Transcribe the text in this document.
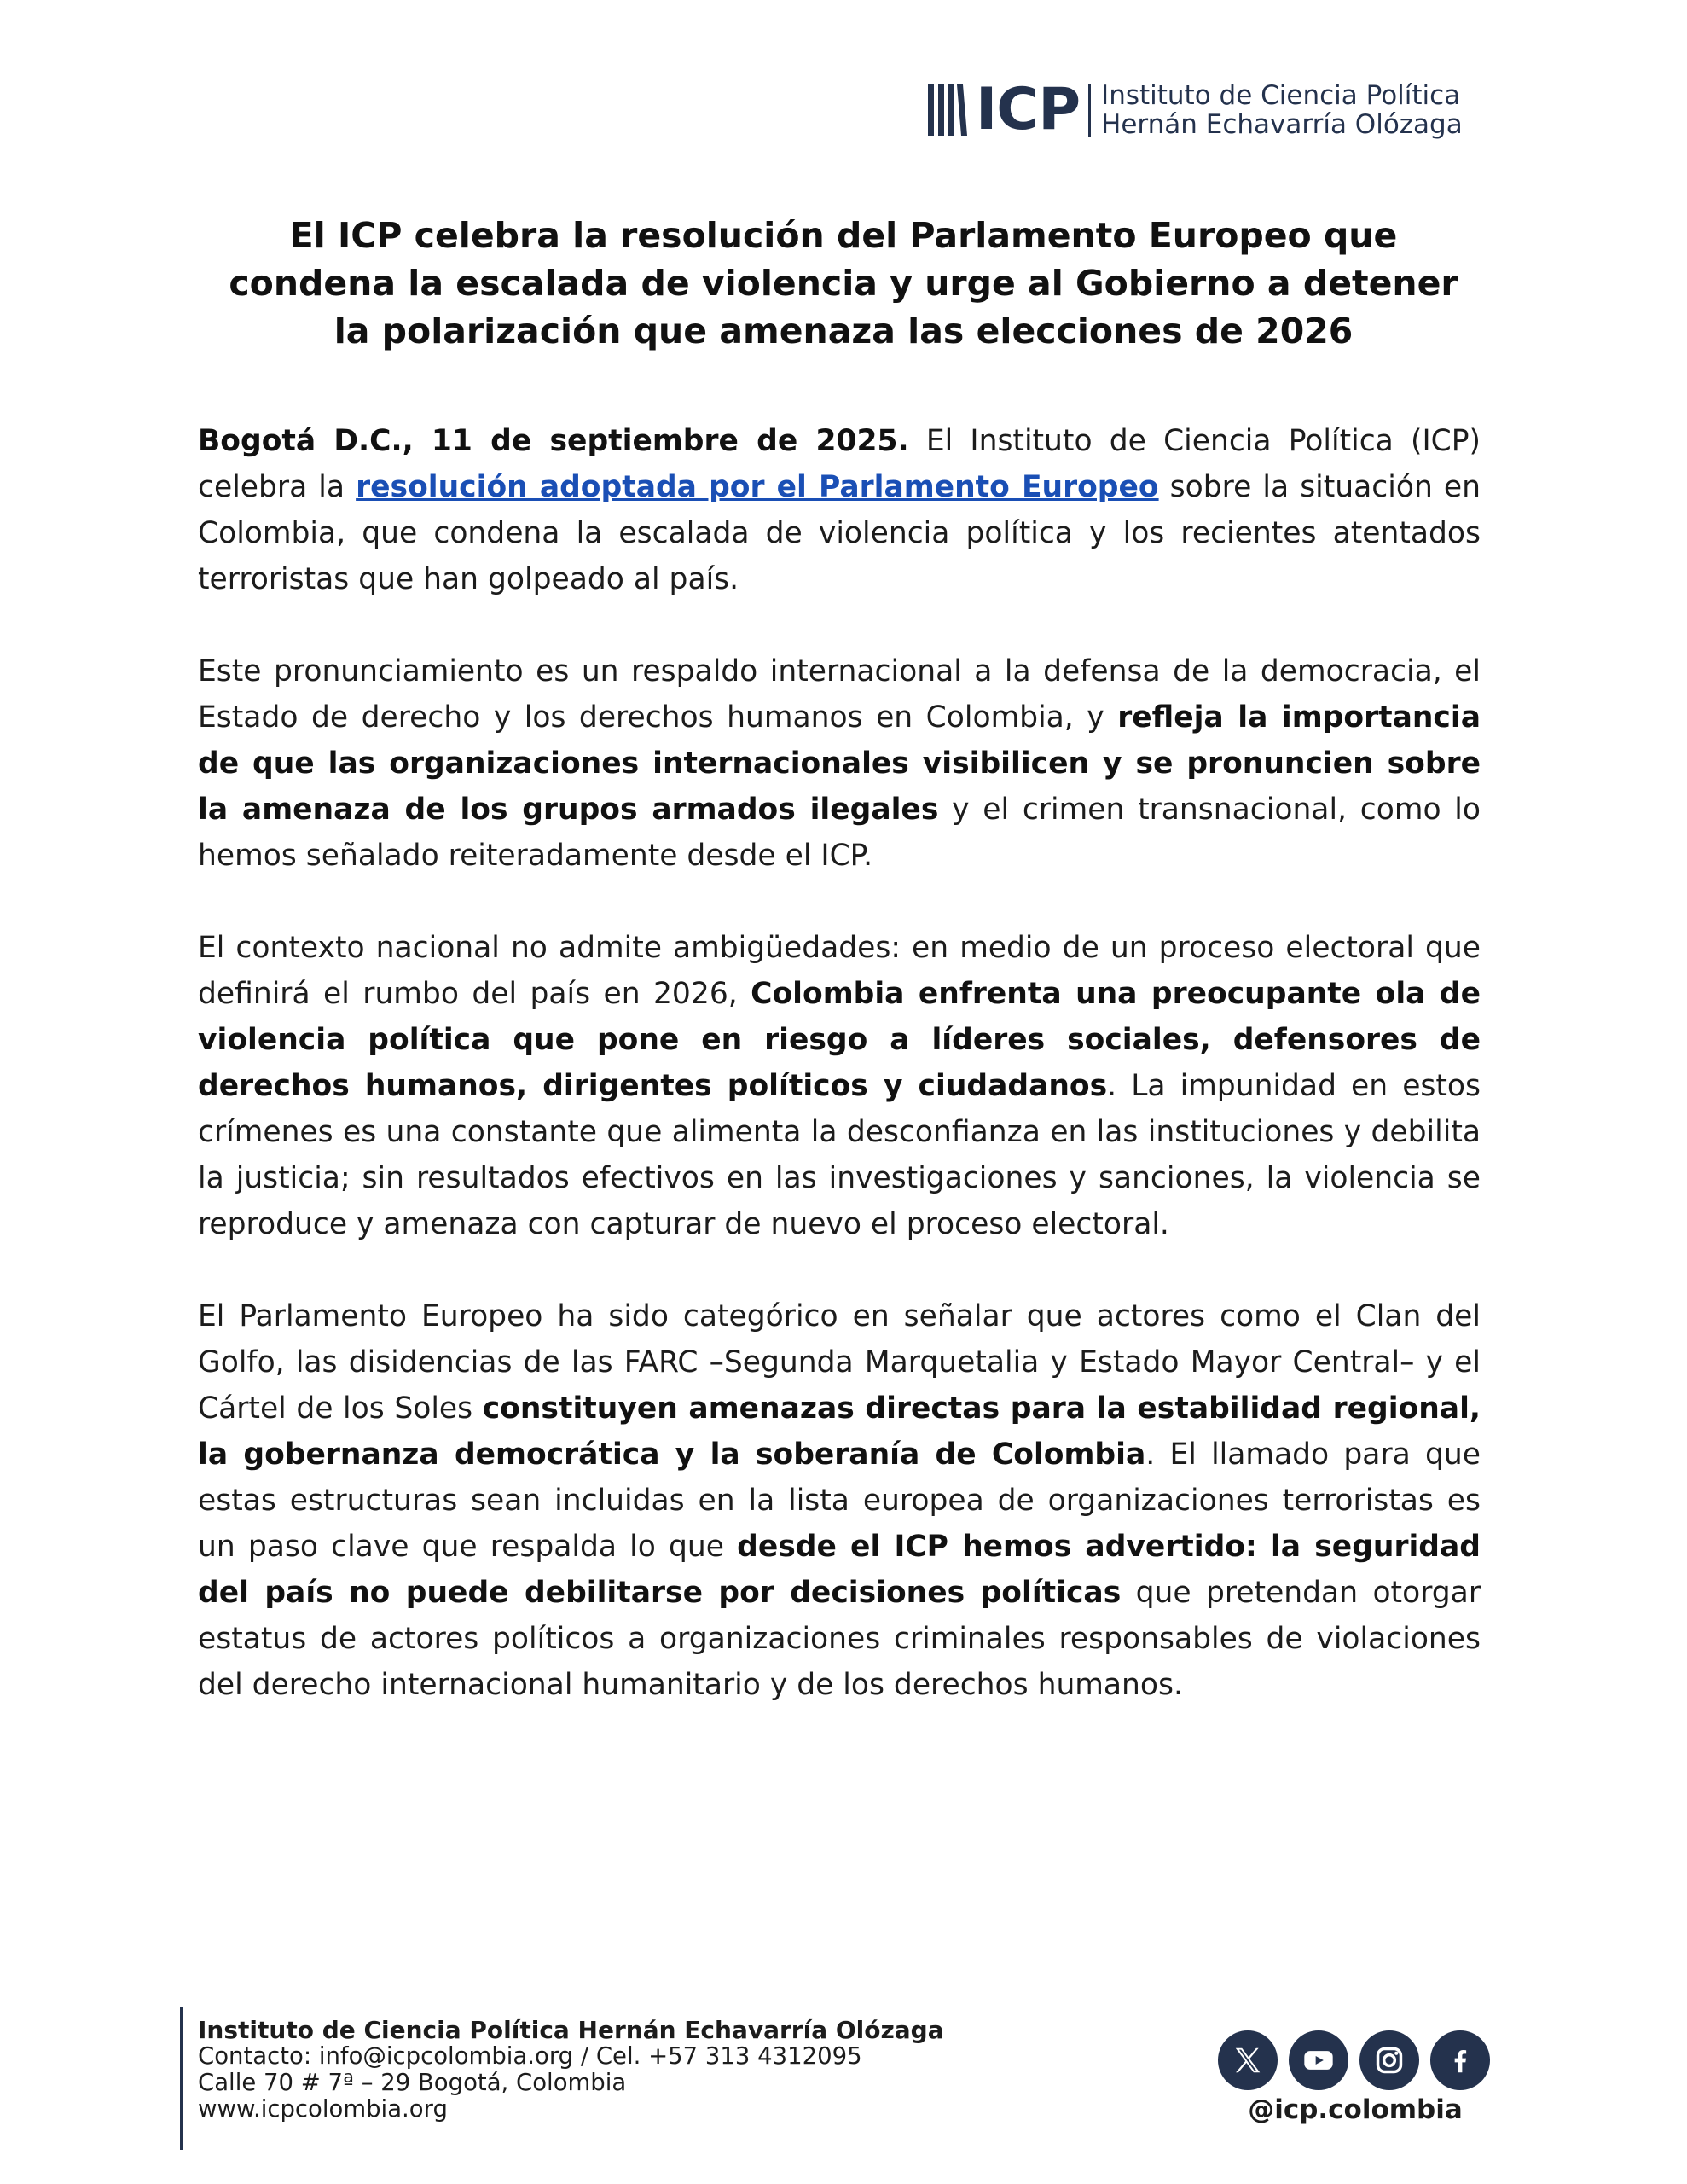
ICP Instituto de Ciencia Política
Hernán Echavarría Olózaga
El ICP celebra la resolución del Parlamento Europeo que
condena la escalada de violencia y urge al Gobierno a detener
la polarización que amenaza las elecciones de 2026

Bogotá D.C., 11 de septiembre de 2025. El Instituto de Ciencia Política (ICP) celebra la resolución adoptada por el Parlamento Europeo sobre la situación en Colombia, que condena la escalada de violencia política y los recientes atentados terroristas que han golpeado al país.

Este pronunciamiento es un respaldo internacional a la defensa de la democracia, el Estado de derecho y los derechos humanos en Colombia, y refleja la importancia de que las organizaciones internacionales visibilicen y se pronuncien sobre la amenaza de los grupos armados ilegales y el crimen transnacional, como lo hemos señalado reiteradamente desde el ICP.

El contexto nacional no admite ambigüedades: en medio de un proceso electoral que definirá el rumbo del país en 2026, Colombia enfrenta una preocupante ola de violencia política que pone en riesgo a líderes sociales, defensores de derechos humanos, dirigentes políticos y ciudadanos. La impunidad en estos crímenes es una constante que alimenta la desconfianza en las instituciones y debilita la justicia; sin resultados efectivos en las investigaciones y sanciones, la violencia se reproduce y amenaza con capturar de nuevo el proceso electoral.

El Parlamento Europeo ha sido categórico en señalar que actores como el Clan del Golfo, las disidencias de las FARC –Segunda Marquetalia y Estado Mayor Central– y el Cártel de los Soles constituyen amenazas directas para la estabilidad regional, la gobernanza democrática y la soberanía de Colombia. El llamado para que estas estructuras sean incluidas en la lista europea de organizaciones terroristas es un paso clave que respalda lo que desde el ICP hemos advertido: la seguridad del país no puede debilitarse por decisiones políticas que pretendan otorgar estatus de actores políticos a organizaciones criminales responsables de violaciones del derecho internacional humanitario y de los derechos humanos.

Instituto de Ciencia Política Hernán Echavarría Olózaga
Contacto: info@icpcolombia.org / Cel. +57 313 4312095
Calle 70 # 7ª – 29 Bogotá, Colombia
www.icpcolombia.org	@icp.colombia
